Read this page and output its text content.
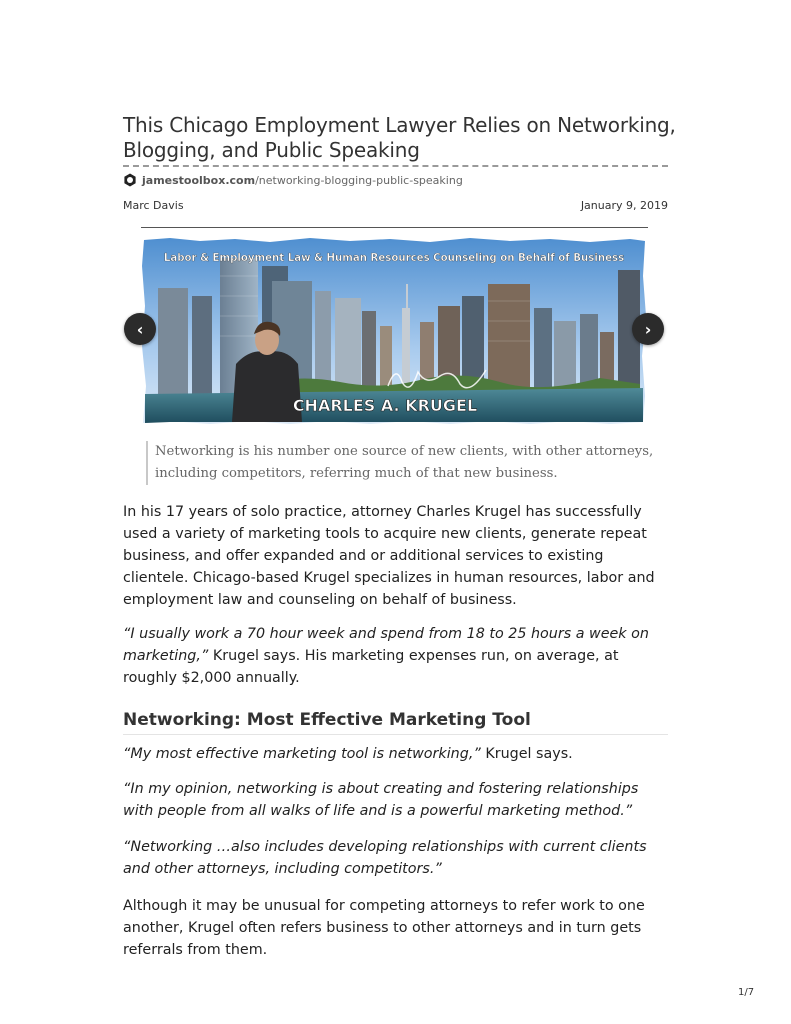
This Chicago Employment Lawyer Relies on Networking, Blogging, and Public Speaking
jamestoolbox.com /networking-blogging-public-speaking
Marc Davis	January 9, 2019
Labor & Employment Law & Human Resources Counseling on Behalf of Business
CHARLES A. KRUGEL
‹	›
Networking is his number one source of new clients, with other attorneys, including competitors, referring much of that new business.

In his 17 years of solo practice, attorney Charles Krugel has successfully used a variety of marketing tools to acquire new clients, generate repeat business, and offer expanded and or additional services to existing clientele. Chicago-based Krugel specializes in human resources, labor and employment law and counseling on behalf of business.

“I usually work a 70 hour week and spend from 18 to 25 hours a week on marketing,” Krugel says. His marketing expenses run, on average, at roughly $2,000 annually.

Networking: Most Effective Marketing Tool

“My most effective marketing tool is networking,” Krugel says.

“In my opinion, networking is about creating and fostering relationships with people from all walks of life and is a powerful marketing method.”

“Networking …also includes developing relationships with current clients and other attorneys, including competitors.”

Although it may be unusual for competing attorneys to refer work to one another, Krugel often refers business to other attorneys and in turn gets referrals from them.

1/7
